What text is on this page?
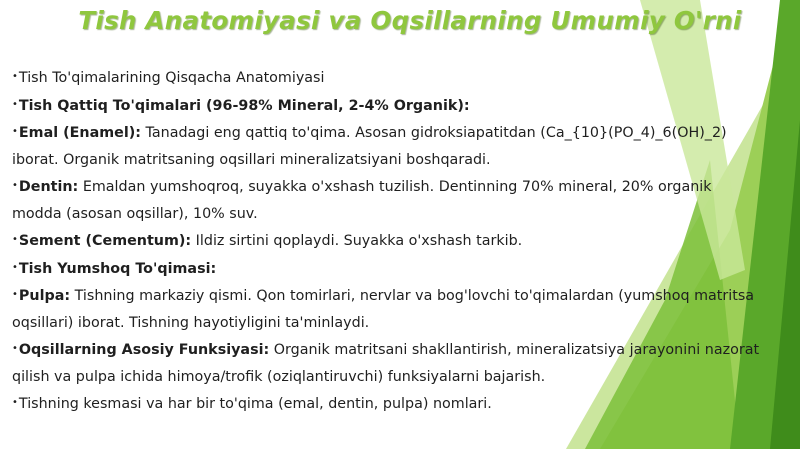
Tish Anatomiyasi va Oqsillarning Umumiy O'rni
•Tish To'qimalarining Qisqacha Anatomiyasi
•Tish Qattiq To'qimalari (96-98% Mineral, 2-4% Organik):
•Emal (Enamel): Tanadagi eng qattiq to'qima. Asosan gidroksiapatitdan (Ca_{10}(PO_4)_6(OH)_2) iborat. Organik matritsaning oqsillari mineralizatsiyani boshqaradi.
•Dentin: Emaldan yumshoqroq, suyakka o'xshash tuzilish. Dentinning 70% mineral, 20% organik modda (asosan oqsillar), 10% suv.
•Sement (Cementum): Ildiz sirtini qoplaydi. Suyakka o'xshash tarkib.
•Tish Yumshoq To'qimasi:
•Pulpa: Tishning markaziy qismi. Qon tomirlari, nervlar va bog'lovchi to'qimalardan (yumshoq matritsa oqsillari) iborat. Tishning hayotiyligini ta'minlaydi.
•Oqsillarning Asosiy Funksiyasi: Organik matritsani shakllantirish, mineralizatsiya jarayonini nazorat qilish va pulpa ichida himoya/trofik (oziqlantiruvchi) funksiyalarni bajarish.
•Tishning kesmasi va har bir to'qima (emal, dentin, pulpa) nomlari.
